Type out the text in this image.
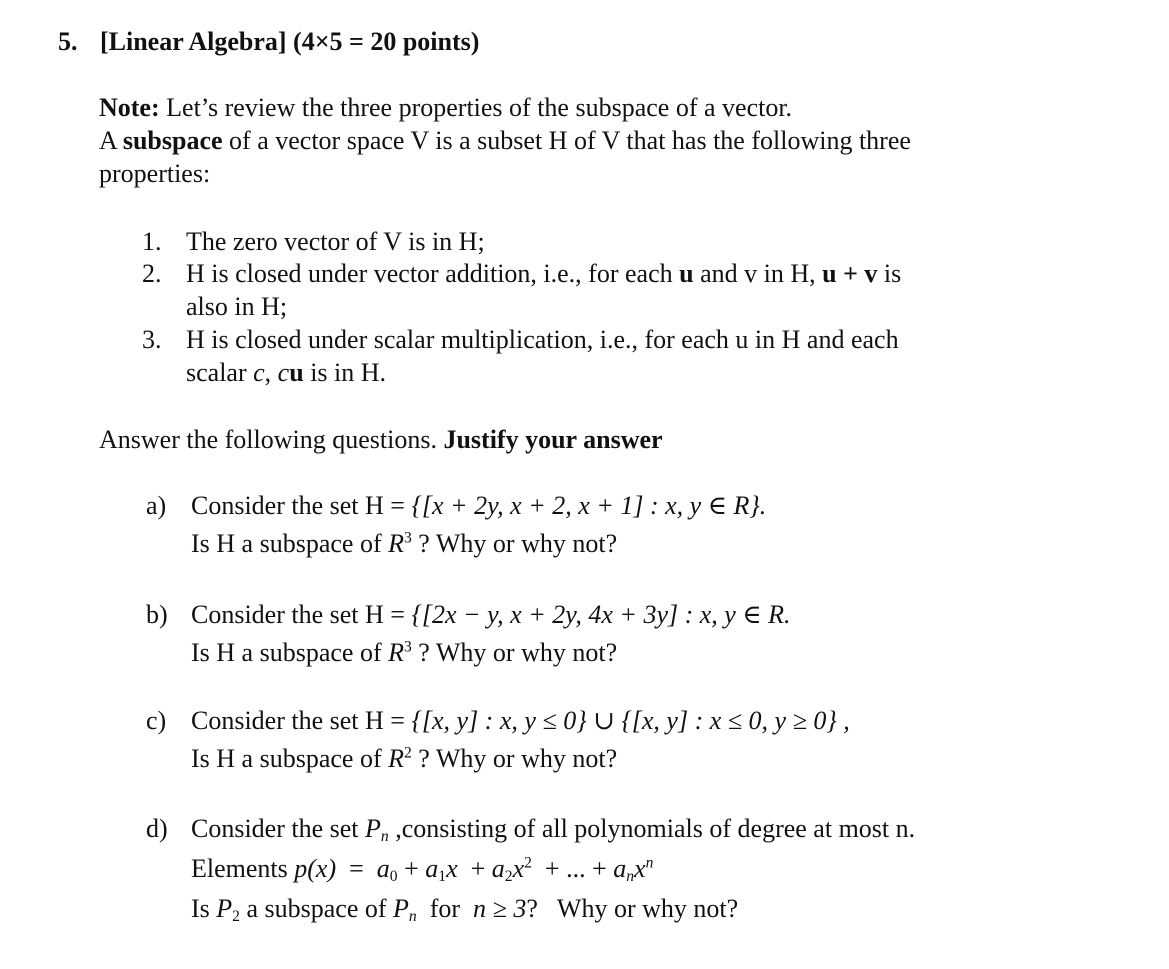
5. [Linear Algebra] (4×5 = 20 points)
Note: Let’s review the three properties of the subspace of a vector.
A subspace of a vector space V is a subset H of V that has the following three
properties:
1. The zero vector of V is in H;
2. H is closed under vector addition, i.e., for each u and v in H, u + v is
also in H;
3. H is closed under scalar multiplication, i.e., for each u in H and each
scalar c, cu is in H.
Answer the following questions. Justify your answer
a) Consider the set H = {[x + 2y, x + 2, x + 1] : x, y ∈ R}.
Is H a subspace of $R^3$ ? Why or why not?
b) Consider the set H = {[2x − y, x + 2y, 4x + 3y] : x, y ∈ R.
Is H a subspace of $R^3$ ? Why or why not?
c) Consider the set H = {[x, y] : x, y ≤ 0} ∪ {[x, y] : x ≤ 0, y ≥ 0} ,
Is H a subspace of $R^2$ ? Why or why not?
d) Consider the set $P_n$ ,consisting of all polynomials of degree at most n.
Elements $p(x) = a_0 + a_1x + a_2x^2$  + ... + $a_nx^n$
Is $P_2$ a subspace of $P_n$  for  n ≥ 3?   Why or why not?
